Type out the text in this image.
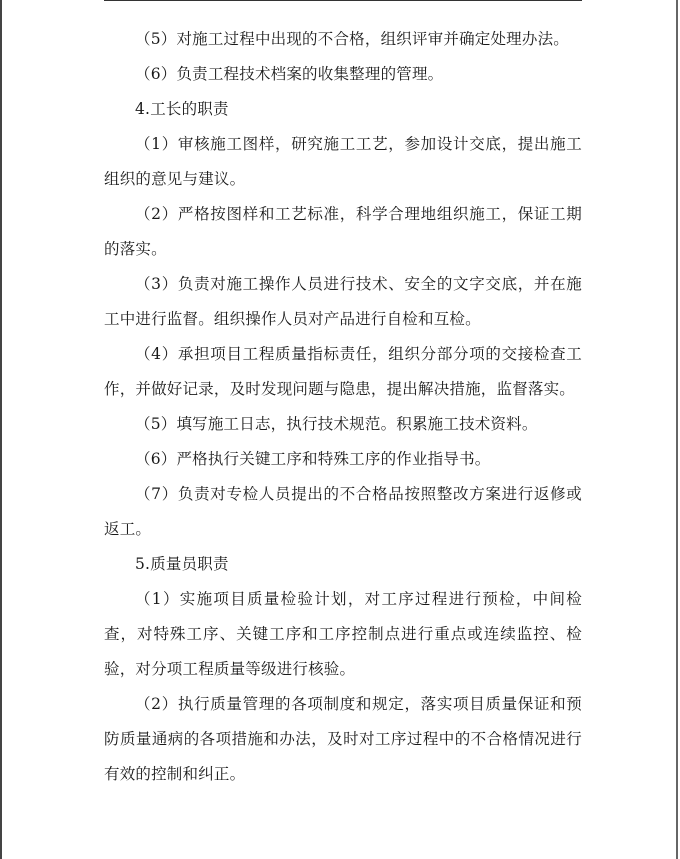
（5）对施工过程中出现的不合格，组织评审并确定处理办法。

（6）负责工程技术档案的收集整理的管理。

4.工长的职责

（1）审核施工图样，研究施工工艺，参加设计交底，提出施工组织的意见与建议。

（2）严格按图样和工艺标准，科学合理地组织施工，保证工期的落实。

（3）负责对施工操作人员进行技术、安全的文字交底，并在施工中进行监督。组织操作人员对产品进行自检和互检。

（4）承担项目工程质量指标责任，组织分部分项的交接检查工作，并做好记录，及时发现问题与隐患，提出解决措施，监督落实。

（5）填写施工日志，执行技术规范。积累施工技术资料。

（6）严格执行关键工序和特殊工序的作业指导书。

（7）负责对专检人员提出的不合格品按照整改方案进行返修或返工。

5.质量员职责

（1）实施项目质量检验计划，对工序过程进行预检，中间检查，对特殊工序、关键工序和工序控制点进行重点或连续监控、检验，对分项工程质量等级进行核验。

（2）执行质量管理的各项制度和规定，落实项目质量保证和预防质量通病的各项措施和办法，及时对工序过程中的不合格情况进行有效的控制和纠正。
